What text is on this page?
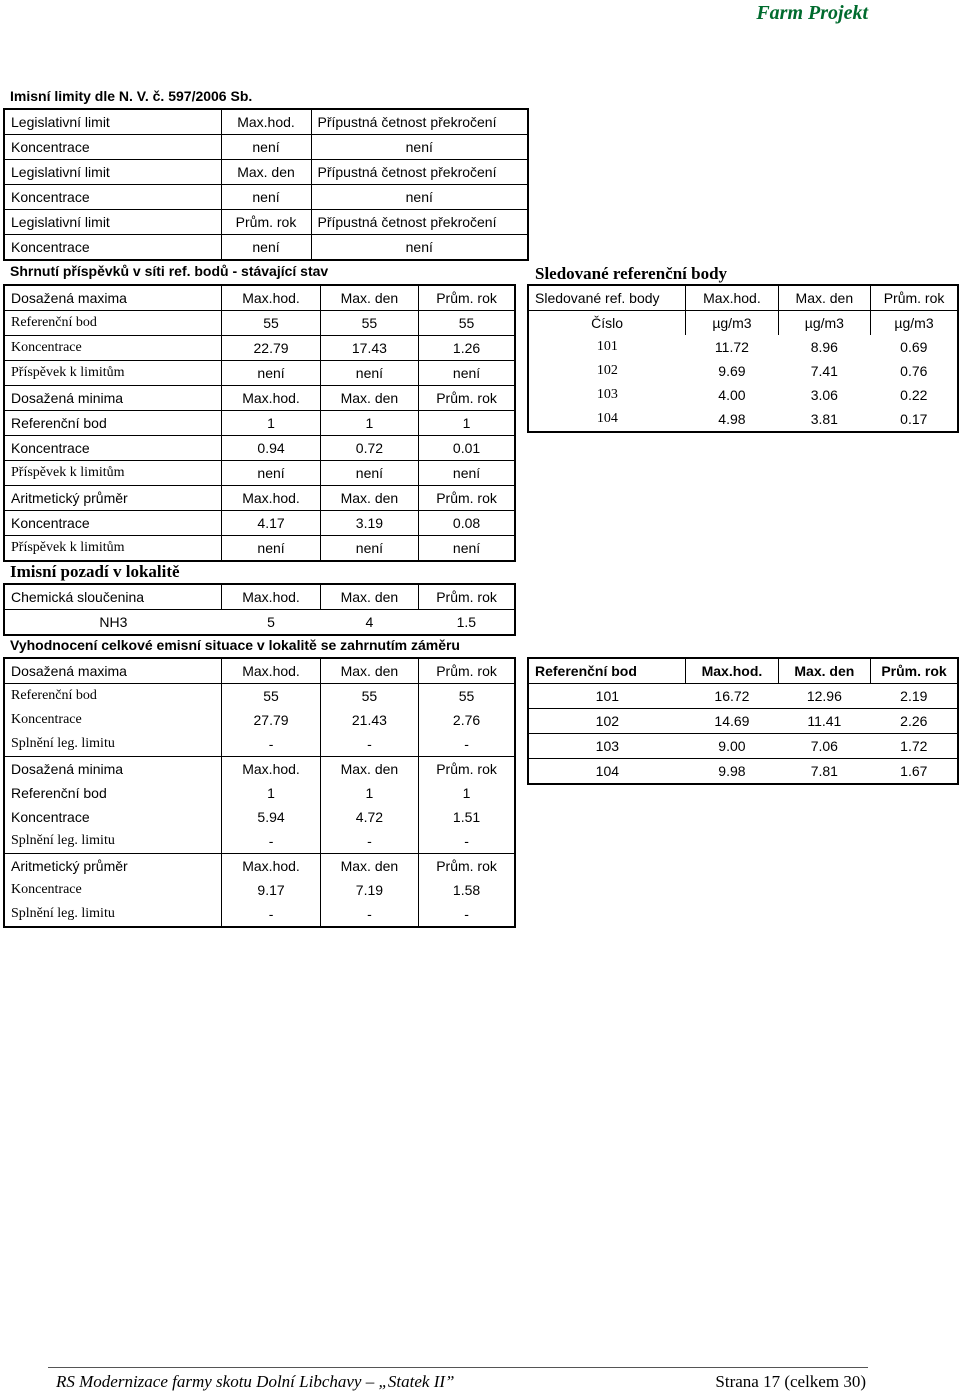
Farm Projekt
Imisní limity dle N. V. č. 597/2006 Sb.
Legislativní limit	Max.hod.	Přípustná četnost překročení
Koncentrace	není	není
Legislativní limit	Max. den	Přípustná četnost překročení
Koncentrace	není	není
Legislativní limit	Prům. rok	Přípustná četnost překročení
Koncentrace	není	není
Shrnutí příspěvků v síti ref. bodů - stávající stav
Dosažená maxima	Max.hod.	Max. den	Prům. rok
Referenční bod	55	55	55
Koncentrace	22.79	17.43	1.26
Příspěvek k limitům	není	není	není
Dosažená minima	Max.hod.	Max. den	Prům. rok
Referenční bod	1	1	1
Koncentrace	0.94	0.72	0.01
Příspěvek k limitům	není	není	není
Aritmetický průměr	Max.hod.	Max. den	Prům. rok
Koncentrace	4.17	3.19	0.08
Příspěvek k limitům	není	není	není
Sledované referenční body
Sledované ref. body	Max.hod.	Max. den	Prům. rok
Číslo	µg/m3	µg/m3	µg/m3
101	11.72	8.96	0.69
102	9.69	7.41	0.76
103	4.00	3.06	0.22
104	4.98	3.81	0.17
Imisní pozadí v lokalitě
Chemická sloučenina	Max.hod.	Max. den	Prům. rok
NH3	5	4	1.5
Vyhodnocení celkové emisní situace v lokalitě se zahrnutím záměru
Dosažená maxima	Max.hod.	Max. den	Prům. rok
Referenční bod	55	55	55
Koncentrace	27.79	21.43	2.76
Splnění leg. limitu	-	-	-
Dosažená minima	Max.hod.	Max. den	Prům. rok
Referenční bod	1	1	1
Koncentrace	5.94	4.72	1.51
Splnění leg. limitu	-	-	-
Aritmetický průměr	Max.hod.	Max. den	Prům. rok
Koncentrace	9.17	7.19	1.58
Splnění leg. limitu	-	-	-
Referenční bod	Max.hod.	Max. den	Prům. rok
101	16.72	12.96	2.19
102	14.69	11.41	2.26
103	9.00	7.06	1.72
104	9.98	7.81	1.67
RS Modernizace farmy skotu Dolní Libchavy – „Statek II”	Strana 17 (celkem 30)
